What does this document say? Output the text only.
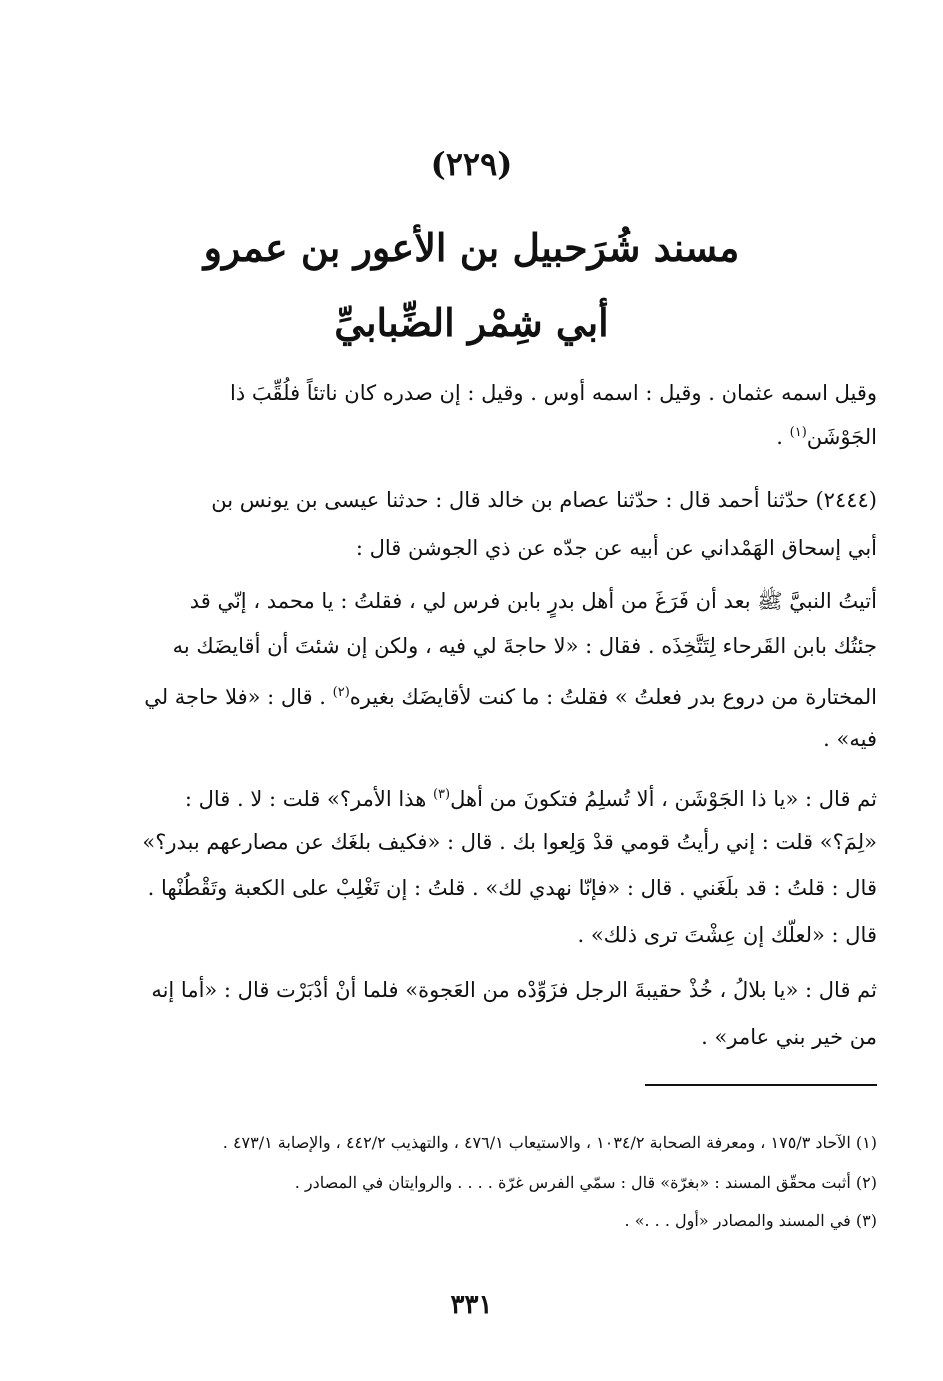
(٢٢٩)
مسند شُرَحبيل بن الأعور بن عمرو
أبي شِمْر الضِّبابيِّ
وقيل اسمه عثمان . وقيل : اسمه أوس . وقيل : إن صدره كان ناتئاً فلُقِّبَ ذا
الجَوْشَن$^{(١)}$ .
(٢٤٤٤) حدّثنا أحمد قال : حدّثنا عصام بن خالد قال : حدثنا عيسى بن يونس بن
أبي إسحاق الهَمْداني عن أبيه عن جدّه عن ذي الجوشن قال :
أتيتُ النبيَّ ﷺ بعد أن فَرَغَ من أهل بدرٍ بابن فرس لي ، فقلتُ : يا محمد ، إنّي قد
جئتُك بابن القَرحاء لِتَتَّخِذَه . فقال : «لا حاجةَ لي فيه ، ولكن إن شئتَ أن أقايضَك به
المختارة من دروع بدر فعلتُ » فقلتُ : ما كنت لأقايضَك بغيره$^{(٢)}$ . قال : «فلا حاجة لي
فيه» .
ثم قال : «يا ذا الجَوْشَن ، ألا تُسلِمُ فتكونَ من أهل$^{(٣)}$ هذا الأمر؟» قلت : لا . قال :
«لِمَ؟» قلت : إني رأيتُ قومي قدْ وَلِعوا بك . قال : «فكيف بلغَك عن مصارعهم ببدر؟»
قال : قلتُ : قد بلَغَني . قال : «فإنّا نهدي لك» . قلتُ : إن تَغْلِبْ على الكعبة وتَقْطُنْها .
قال : «لعلّك إن عِشْتَ ترى ذلك» .
ثم قال : «يا بلالُ ، خُذْ حقيبةَ الرجل فزَوِّدْه من العَجوة» فلما أنْ أدْبَرْت قال : «أما إنه
من خير بني عامر» .
(١) الآحاد ١٧٥/٣ ، ومعرفة الصحابة ١٠٣٤/٢ ، والاستيعاب ٤٧٦/١ ، والتهذيب ٤٤٢/٢ ، والإصابة ٤٧٣/١ .
(٢) أثبت محقّق المسند : «بغرّة» قال : سمّي الفرس غرّة . . . . والروايتان في المصادر .
(٣) في المسند والمصادر «أول . . .» .
٣٣١
